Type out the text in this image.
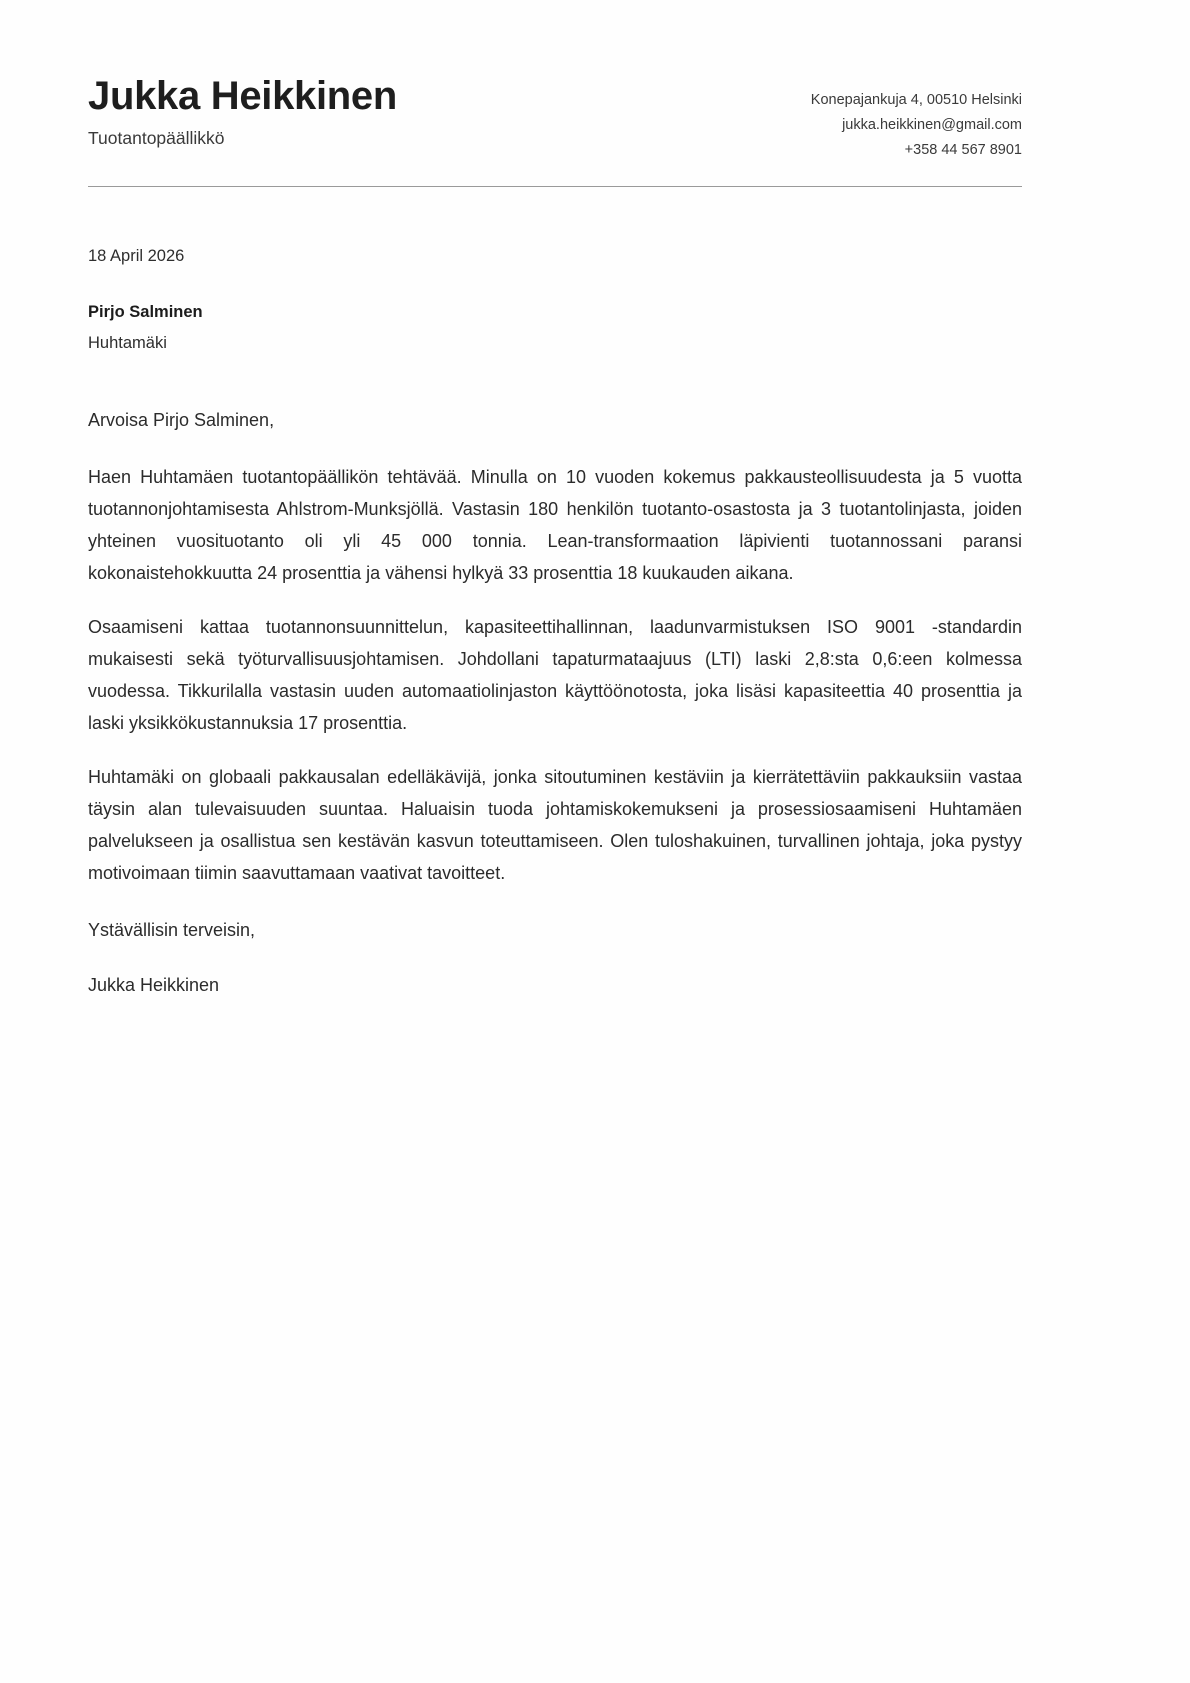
Jukka Heikkinen
Tuotantopäällikkö
Konepajankuja 4, 00510 Helsinki
jukka.heikkinen@gmail.com
+358 44 567 8901
18 April 2026
Pirjo Salminen
Huhtamäki
Arvoisa Pirjo Salminen,

Haen Huhtamäen tuotantopäällikön tehtävää. Minulla on 10 vuoden kokemus pakkausteollisuudesta ja 5 vuotta tuotannonjohtamisesta Ahlstrom-Munksjöllä. Vastasin 180 henkilön tuotanto-osastosta ja 3 tuotantolinjasta, joiden yhteinen vuosituotanto oli yli 45 000 tonnia. Lean-transformaation läpivienti tuotannossani paransi kokonaistehokkuutta 24 prosenttia ja vähensi hylkyä 33 prosenttia 18 kuukauden aikana.

Osaamiseni kattaa tuotannonsuunnittelun, kapasiteettihallinnan, laadunvarmistuksen ISO 9001 -standardin mukaisesti sekä työturvallisuusjohtamisen. Johdollani tapaturmataajuus (LTI) laski 2,8:sta 0,6:een kolmessa vuodessa. Tikkurilalla vastasin uuden automaatiolinjaston käyttöönotosta, joka lisäsi kapasiteettia 40 prosenttia ja laski yksikkökustannuksia 17 prosenttia.

Huhtamäki on globaali pakkausalan edelläkävijä, jonka sitoutuminen kestäviin ja kierrätettäviin pakkauksiin vastaa täysin alan tulevaisuuden suuntaa. Haluaisin tuoda johtamiskokemukseni ja prosessiosaamiseni Huhtamäen palvelukseen ja osallistua sen kestävän kasvun toteuttamiseen. Olen tuloshakuinen, turvallinen johtaja, joka pystyy motivoimaan tiimin saavuttamaan vaativat tavoitteet.

Ystävällisin terveisin,
Jukka Heikkinen
